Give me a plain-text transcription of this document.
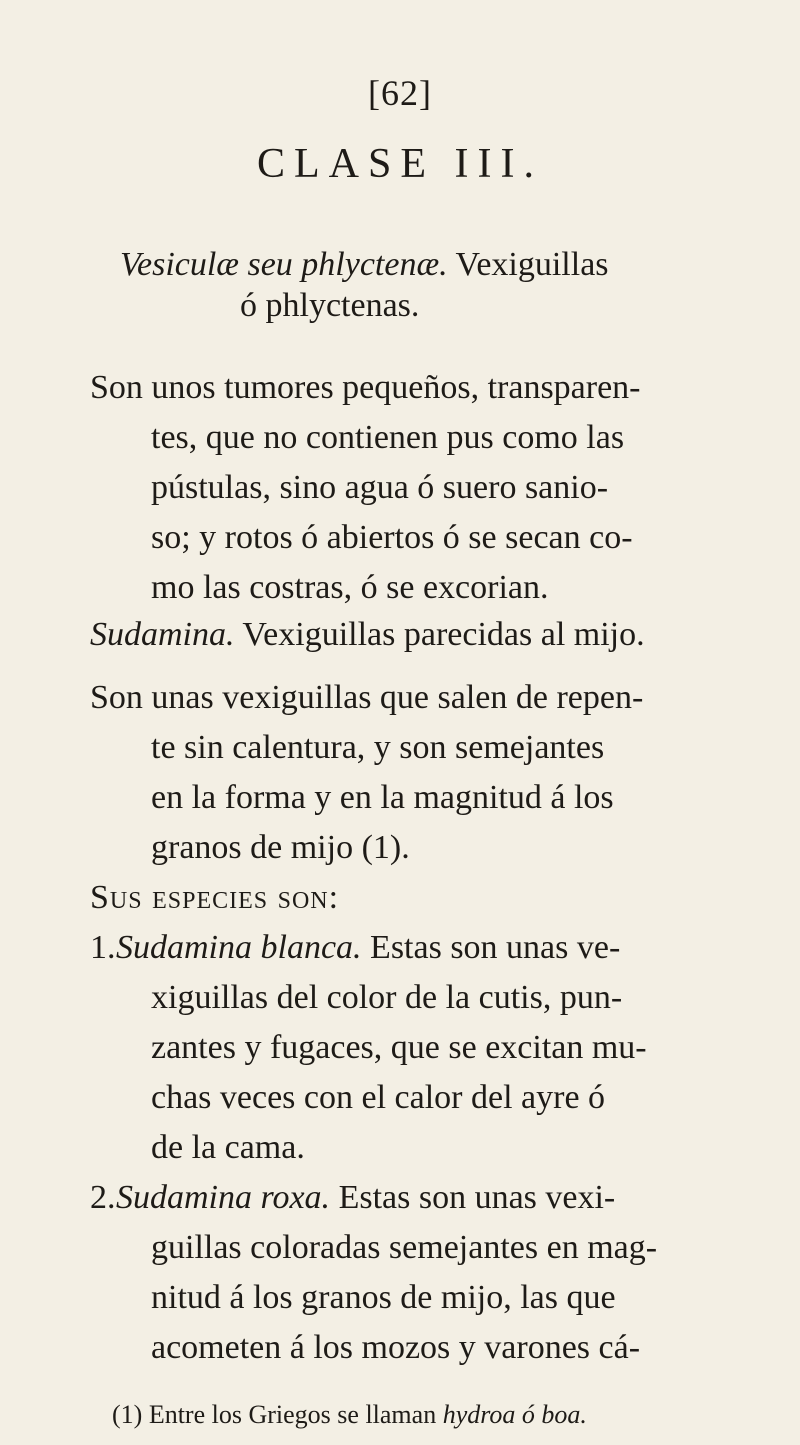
[62]
CLASE III.
Vesiculæ seu phlyctenæ. Vexiguillas
ó phlyctenas.
Son unos tumores pequeños, transparen-
tes, que no contienen pus como las
pústulas, sino agua ó suero sanio-
so; y rotos ó abiertos ó se secan co-
mo las costras, ó se excorian.
Sudamina. Vexiguillas parecidas al mijo.
Son unas vexiguillas que salen de repen-
te sin calentura, y son semejantes
en la forma y en la magnitud á los
granos de mijo (1).
Sus especies son:
1.Sudamina blanca. Estas son unas ve-
xiguillas del color de la cutis, pun-
zantes y fugaces, que se excitan mu-
chas veces con el calor del ayre ó
de la cama.
2.Sudamina roxa. Estas son unas vexi-
guillas coloradas semejantes en mag-
nitud á los granos de mijo, las que
acometen á los mozos y varones cá-
(1) Entre los Griegos se llaman hydroa ó boa.
